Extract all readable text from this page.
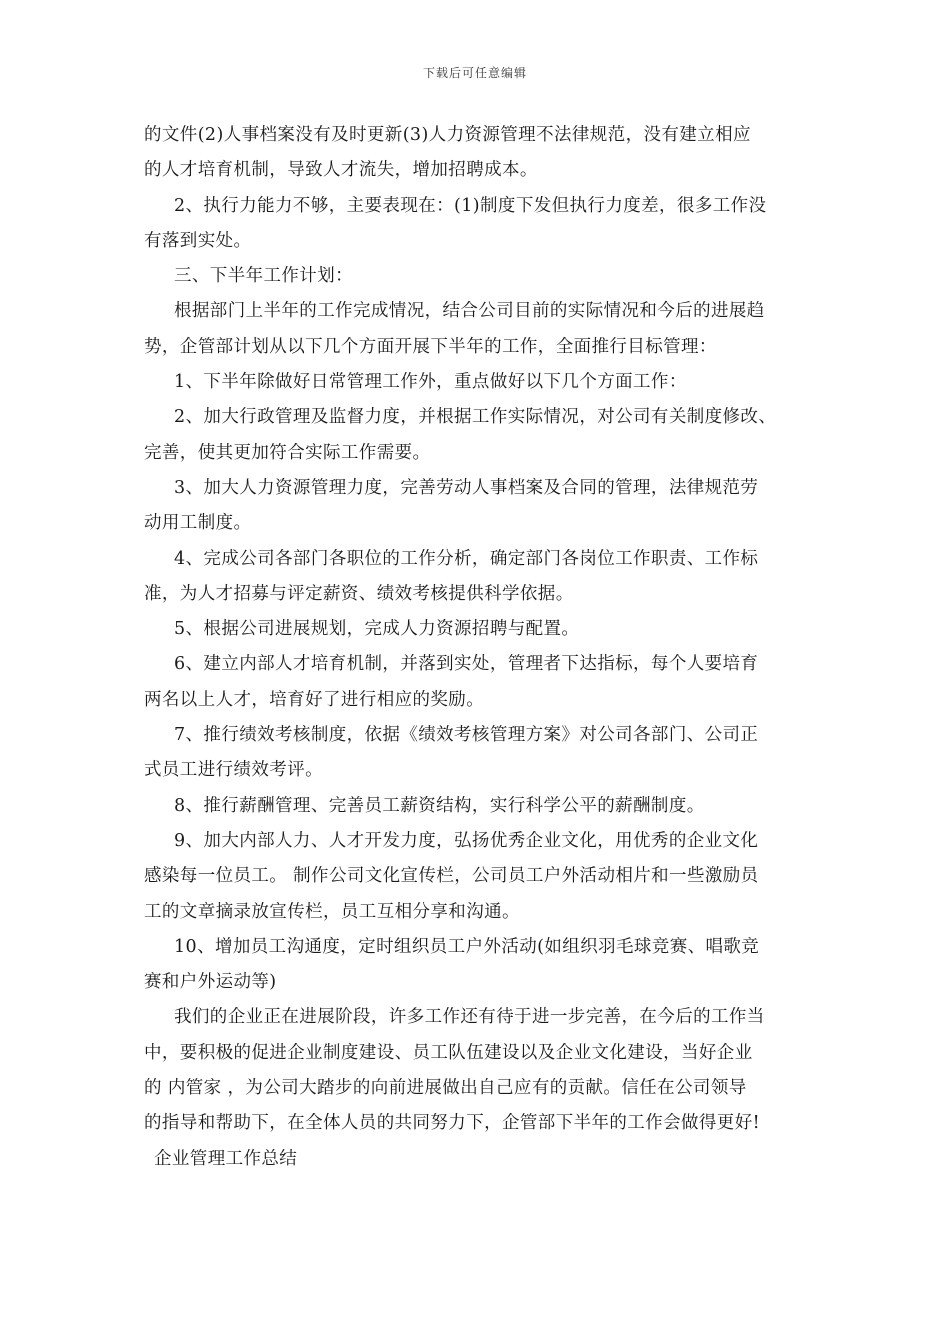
下载后可任意编辑
的文件(2)人事档案没有及时更新(3)人力资源管理不法律规范，没有建立相应
的人才培育机制，导致人才流失，增加招聘成本。
2、执行力能力不够，主要表现在：(1)制度下发但执行力度差，很多工作没
有落到实处。
三、下半年工作计划：
根据部门上半年的工作完成情况，结合公司目前的实际情况和今后的进展趋
势，企管部计划从以下几个方面开展下半年的工作，全面推行目标管理：
1、下半年除做好日常管理工作外，重点做好以下几个方面工作：
2、加大行政管理及监督力度，并根据工作实际情况，对公司有关制度修改、
完善，使其更加符合实际工作需要。
3、加大人力资源管理力度，完善劳动人事档案及合同的管理，法律规范劳
动用工制度。
4、完成公司各部门各职位的工作分析，确定部门各岗位工作职责、工作标
准，为人才招募与评定薪资、绩效考核提供科学依据。
5、根据公司进展规划，完成人力资源招聘与配置。
6、建立内部人才培育机制，并落到实处，管理者下达指标，每个人要培育
两名以上人才，培育好了进行相应的奖励。
7、推行绩效考核制度，依据《绩效考核管理方案》对公司各部门、公司正
式员工进行绩效考评。
8、推行薪酬管理、完善员工薪资结构，实行科学公平的薪酬制度。
9、加大内部人力、人才开发力度，弘扬优秀企业文化，用优秀的企业文化
感染每一位员工。 制作公司文化宣传栏，公司员工户外活动相片和一些激励员
工的文章摘录放宣传栏，员工互相分享和沟通。
10、增加员工沟通度，定时组织员工户外活动(如组织羽毛球竞赛、唱歌竞
赛和户外运动等)
我们的企业正在进展阶段，许多工作还有待于进一步完善，在今后的工作当
中，要积极的促进企业制度建设、员工队伍建设以及企业文化建设，当好企业
的 内管家 ，为公司大踏步的向前进展做出自己应有的贡献。信任在公司领导
的指导和帮助下，在全体人员的共同努力下，企管部下半年的工作会做得更好!
企业管理工作总结
